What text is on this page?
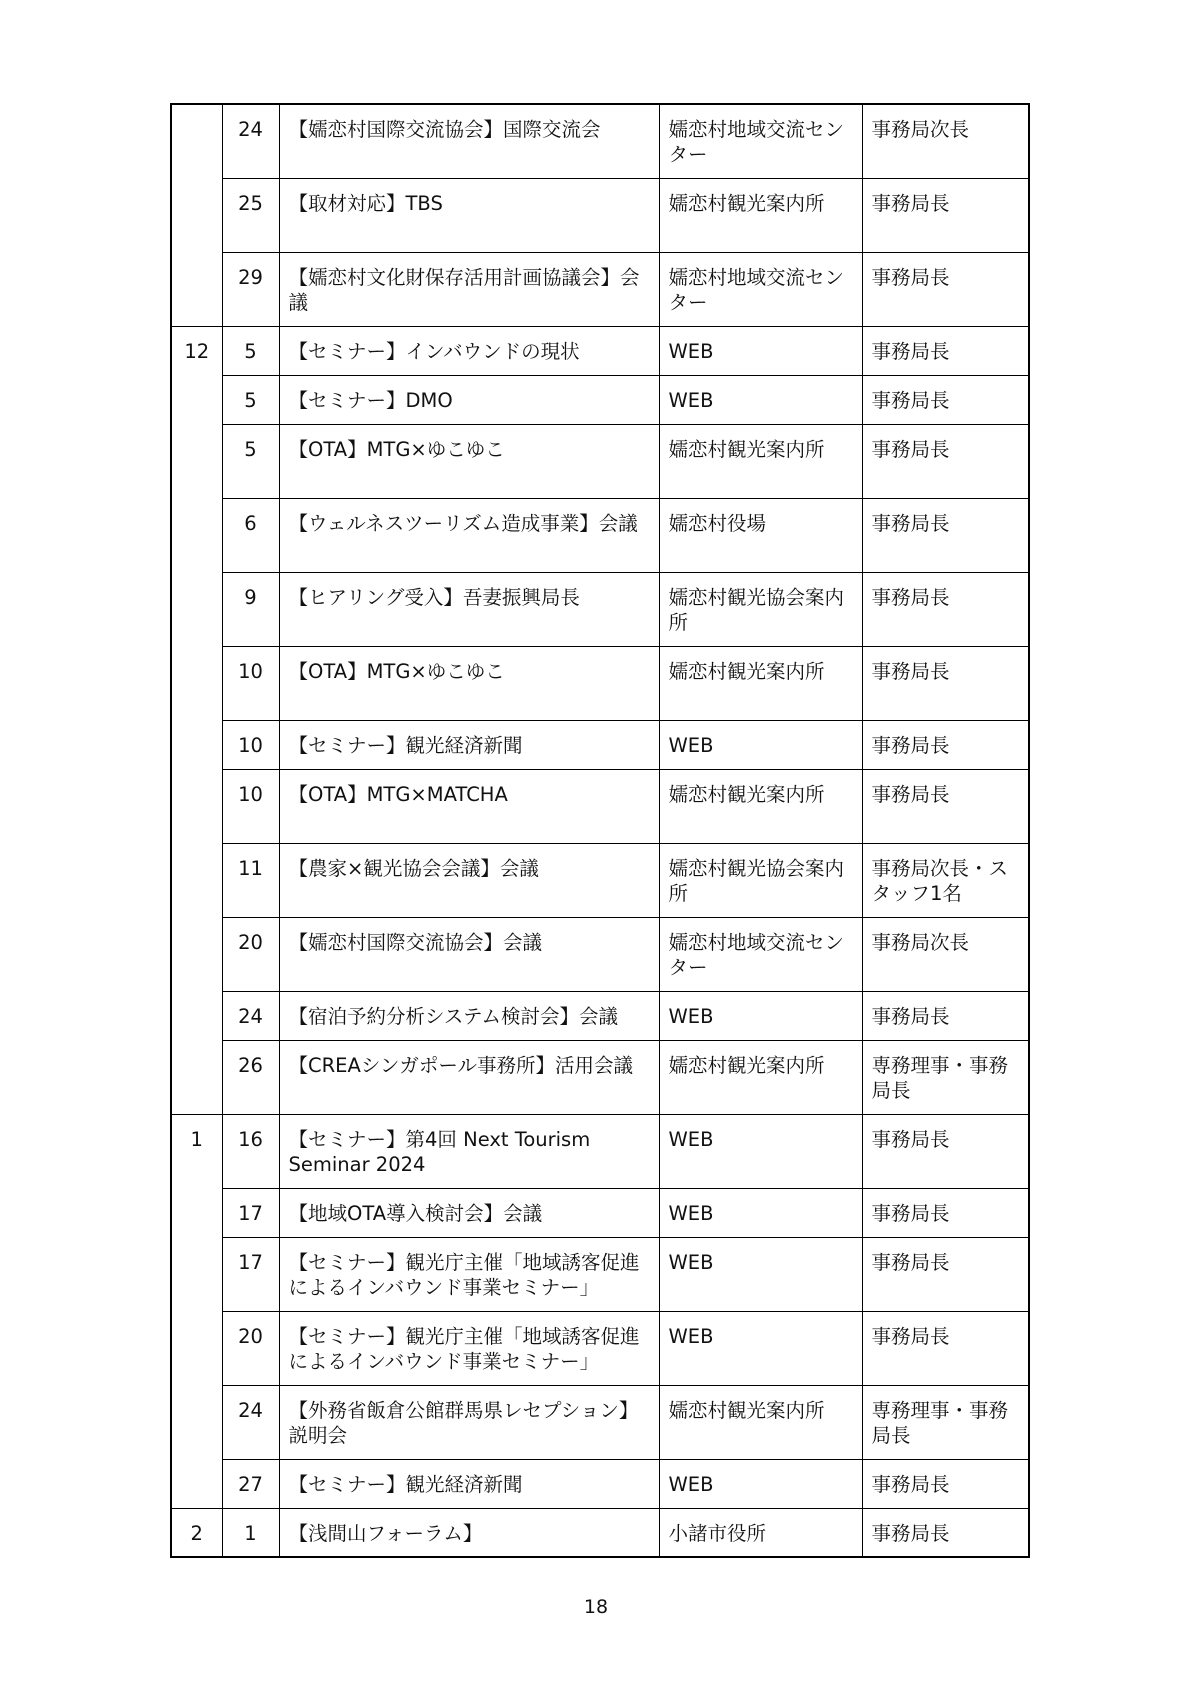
	24	【嬬恋村国際交流協会】国際交流会	嬬恋村地域交流センター	事務局次長
	25	【取材対応】TBS	嬬恋村観光案内所	事務局長
	29	【嬬恋村文化財保存活用計画協議会】会議	嬬恋村地域交流センター	事務局長
12	5	【セミナー】インバウンドの現状	WEB	事務局長
	5	【セミナー】DMO	WEB	事務局長
	5	【OTA】MTG×ゆこゆこ	嬬恋村観光案内所	事務局長
	6	【ウェルネスツーリズム造成事業】会議	嬬恋村役場	事務局長
	9	【ヒアリング受入】吾妻振興局長	嬬恋村観光協会案内所	事務局長
	10	【OTA】MTG×ゆこゆこ	嬬恋村観光案内所	事務局長
	10	【セミナー】観光経済新聞	WEB	事務局長
	10	【OTA】MTG×MATCHA	嬬恋村観光案内所	事務局長
	11	【農家×観光協会会議】会議	嬬恋村観光協会案内所	事務局次長・スタッフ1名
	20	【嬬恋村国際交流協会】会議	嬬恋村地域交流センター	事務局次長
	24	【宿泊予約分析システム検討会】会議	WEB	事務局長
	26	【CREAシンガポール事務所】活用会議	嬬恋村観光案内所	専務理事・事務局長
1	16	【セミナー】第4回 Next Tourism Seminar 2024	WEB	事務局長
	17	【地域OTA導入検討会】会議	WEB	事務局長
	17	【セミナー】観光庁主催「地域誘客促進によるインバウンド事業セミナー」	WEB	事務局長
	20	【セミナー】観光庁主催「地域誘客促進によるインバウンド事業セミナー」	WEB	事務局長
	24	【外務省飯倉公館群馬県レセプション】説明会	嬬恋村観光案内所	専務理事・事務局長
	27	【セミナー】観光経済新聞	WEB	事務局長
2	1	【浅間山フォーラム】	小諸市役所	事務局長
18
